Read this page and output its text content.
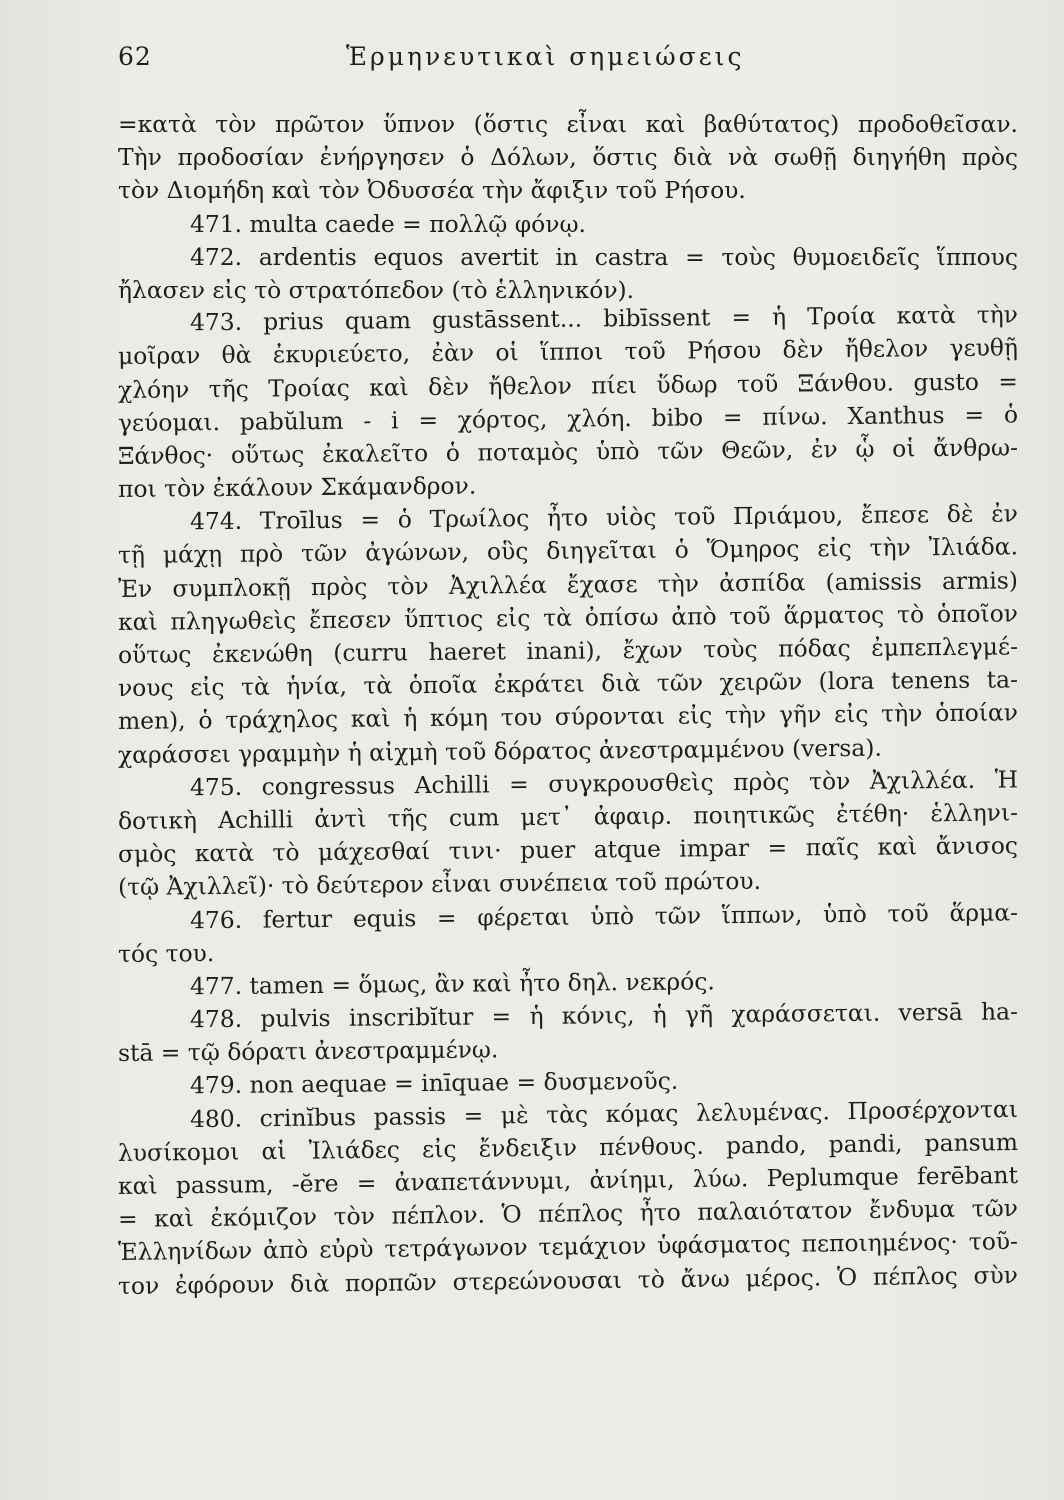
62	Ἑρμηνευτικαὶ σημειώσεις
=κατὰ τὸν πρῶτον ὕπνον (ὅστις εἶναι καὶ βαθύτατος) προδοθεῖσαν.
Τὴν προδοσίαν ἐνήργησεν ὁ Δόλων, ὅστις διὰ νὰ σωθῇ διηγήθη πρὸς
τὸν Διομήδη καὶ τὸν Ὀδυσσέα τὴν ἄφιξιν τοῦ Ρήσου.
471. multa caede = πολλῷ φόνῳ.
472. ardentis equos avertit in castra = τοὺς θυμοειδεῖς ἵππους
ἤλασεν εἰς τὸ στρατόπεδον (τὸ ἑλληνικόν).
473. prius quam gustāssent... bibīssent = ἡ Τροία κατὰ τὴν
μοῖραν θὰ ἐκυριεύετο, ἐὰν οἱ ἵπποι τοῦ Ρήσου δὲν ἤθελον γευθῇ
χλόην τῆς Τροίας καὶ δὲν ἤθελον πίει ὕδωρ τοῦ Ξάνθου. gusto =
γεύομαι. pabŭlum - i = χόρτος, χλόη. bibo = πίνω. Xanthus = ὁ
Ξάνθος· οὕτως ἐκαλεῖτο ὁ ποταμὸς ὑπὸ τῶν Θεῶν, ἐν ᾧ οἱ ἄνθρω-
ποι τὸν ἐκάλουν Σκάμανδρον.
474. Troīlus = ὁ Τρωίλος ἦτο υἱὸς τοῦ Πριάμου, ἔπεσε δὲ ἐν
τῇ μάχῃ πρὸ τῶν ἀγώνων, οὓς διηγεῖται ὁ Ὅμηρος εἰς τὴν Ἰλιάδα.
Ἐν συμπλοκῇ πρὸς τὸν Ἀχιλλέα ἔχασε τὴν ἀσπίδα (amissis armis)
καὶ πληγωθεὶς ἔπεσεν ὕπτιος εἰς τὰ ὀπίσω ἀπὸ τοῦ ἅρματος τὸ ὁποῖον
οὕτως ἐκενώθη (curru haeret inani), ἔχων τοὺς πόδας ἐμπεπλεγμέ-
νους εἰς τὰ ἡνία, τὰ ὁποῖα ἐκράτει διὰ τῶν χειρῶν (lora tenens ta-
men), ὁ τράχηλος καὶ ἡ κόμη του σύρονται εἰς τὴν γῆν εἰς τὴν ὁποίαν
χαράσσει γραμμὴν ἡ αἰχμὴ τοῦ δόρατος ἀνεστραμμένου (versa).
475. congressus Achilli = συγκρουσθεὶς πρὸς τὸν Ἀχιλλέα. Ἡ
δοτικὴ Achilli ἀντὶ τῆς cum μετ᾽ ἀφαιρ. ποιητικῶς ἐτέθη· ἑλληνι-
σμὸς κατὰ τὸ μάχεσθαί τινι· puer atque impar = παῖς καὶ ἄνισος
(τῷ Ἀχιλλεῖ)· τὸ δεύτερον εἶναι συνέπεια τοῦ πρώτου.
476. fertur equis = φέρεται ὑπὸ τῶν ἵππων, ὑπὸ τοῦ ἅρμα-
τός του.
477. tamen = ὅμως, ἂν καὶ ἦτο δηλ. νεκρός.
478. pulvis inscribĭtur = ἡ κόνις, ἡ γῆ χαράσσεται. versā ha-
stā = τῷ δόρατι ἀνεστραμμένῳ.
479. non aequae = inīquae = δυσμενοῦς.
480. crinĭbus passis = μὲ τὰς κόμας λελυμένας. Προσέρχονται
λυσίκομοι αἱ Ἰλιάδες εἰς ἔνδειξιν πένθους. pando, pandi, pansum
καὶ passum, -ĕre = ἀναπετάννυμι, ἀνίημι, λύω. Peplumque ferēbant
= καὶ ἐκόμιζον τὸν πέπλον. Ὁ πέπλος ἦτο παλαιότατον ἔνδυμα τῶν
Ἑλληνίδων ἀπὸ εὐρὺ τετράγωνον τεμάχιον ὑφάσματος πεποιημένος· τοῦ-
τον ἐφόρουν διὰ πορπῶν στερεώνουσαι τὸ ἄνω μέρος. Ὁ πέπλος σὺν
